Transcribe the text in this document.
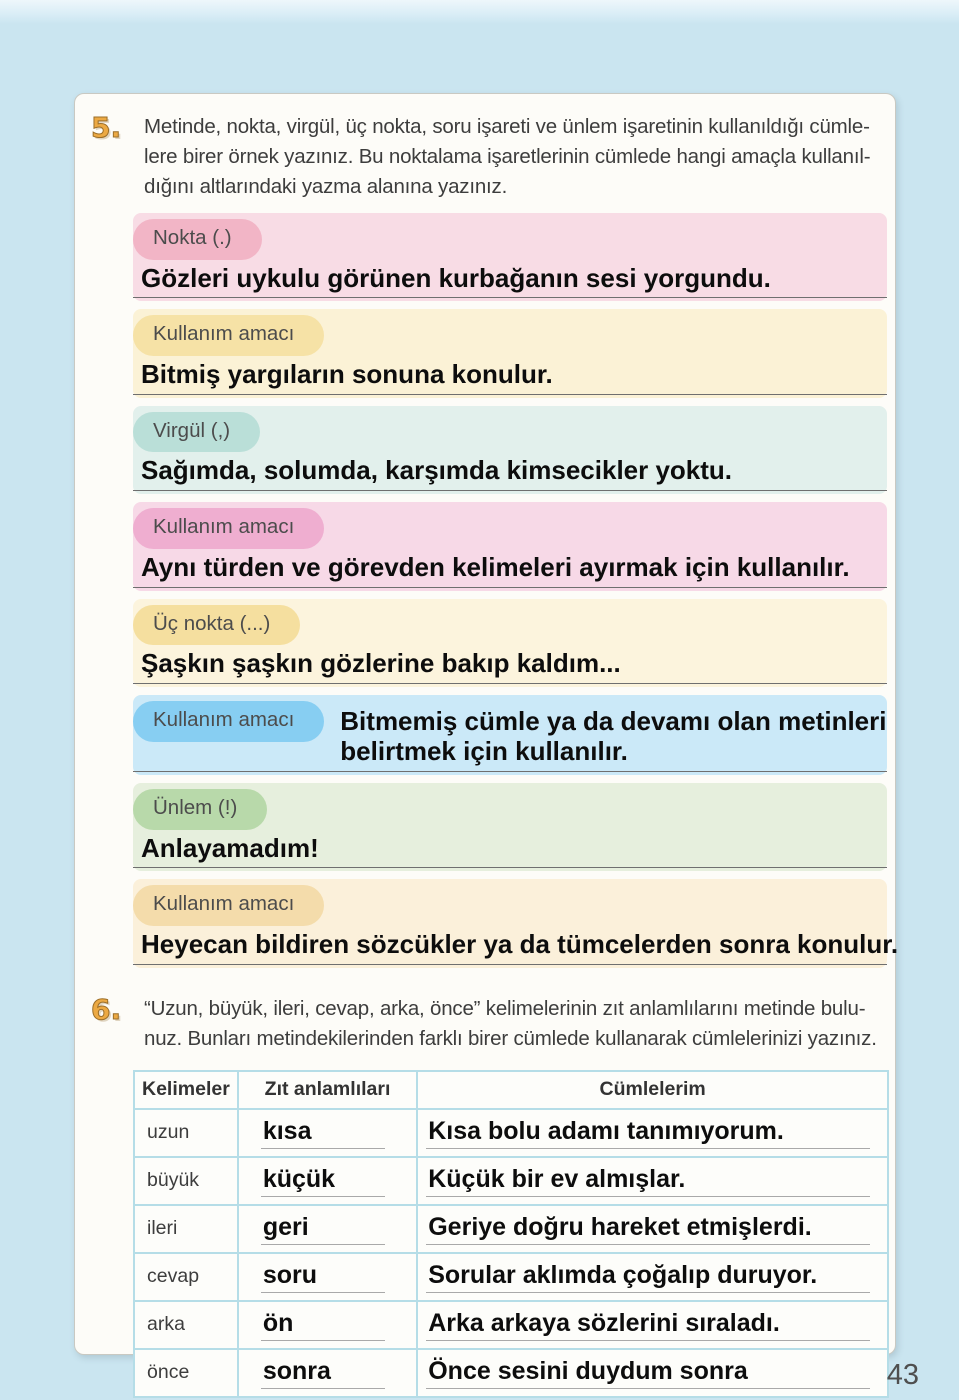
5.	Metinde, nokta, virgül, üç nokta, soru işareti ve ünlem işaretinin kullanıldığı cümle-
lere birer örnek yazınız. Bu noktalama işaretlerinin cümlede hangi amaçla kullanıl-
dığını altlarındaki yazma alanına yazınız.
Nokta (.)
Gözleri uykulu görünen kurbağanın sesi yorgundu.
Kullanım amacı
Bitmiş yargıların sonuna konulur.
Virgül (,)
Sağımda, solumda, karşımda kimsecikler yoktu.
Kullanım amacı
Aynı türden ve görevden kelimeleri ayırmak için kullanılır.
Üç nokta (...)
Şaşkın şaşkın gözlerine bakıp kaldım...
Kullanım amacı	Bitmemiş cümle ya da devamı olan metinleri belirtmek için kullanılır.
Ünlem (!)
Anlayamadım!
Kullanım amacı
Heyecan bildiren sözcükler ya da tümcelerden sonra konulur.
6.	“Uzun, büyük, ileri, cevap, arka, önce” kelimelerinin zıt anlamlılarını metinde bulu-
nuz. Bunları metindekilerinden farklı birer cümlede kullanarak cümlelerinizi yazınız.
Kelimeler	Zıt anlamlıları	Cümlelerim
uzun	kısa	Kısa bolu adamı tanımıyorum.
büyük	küçük	Küçük bir ev almışlar.
ileri	geri	Geriye doğru hareket etmişlerdi.
cevap	soru	Sorular aklımda çoğalıp duruyor.
arka	ön	Arka arkaya sözlerini sıraladı.
önce	sonra	Önce sesini duydum sonra	43
